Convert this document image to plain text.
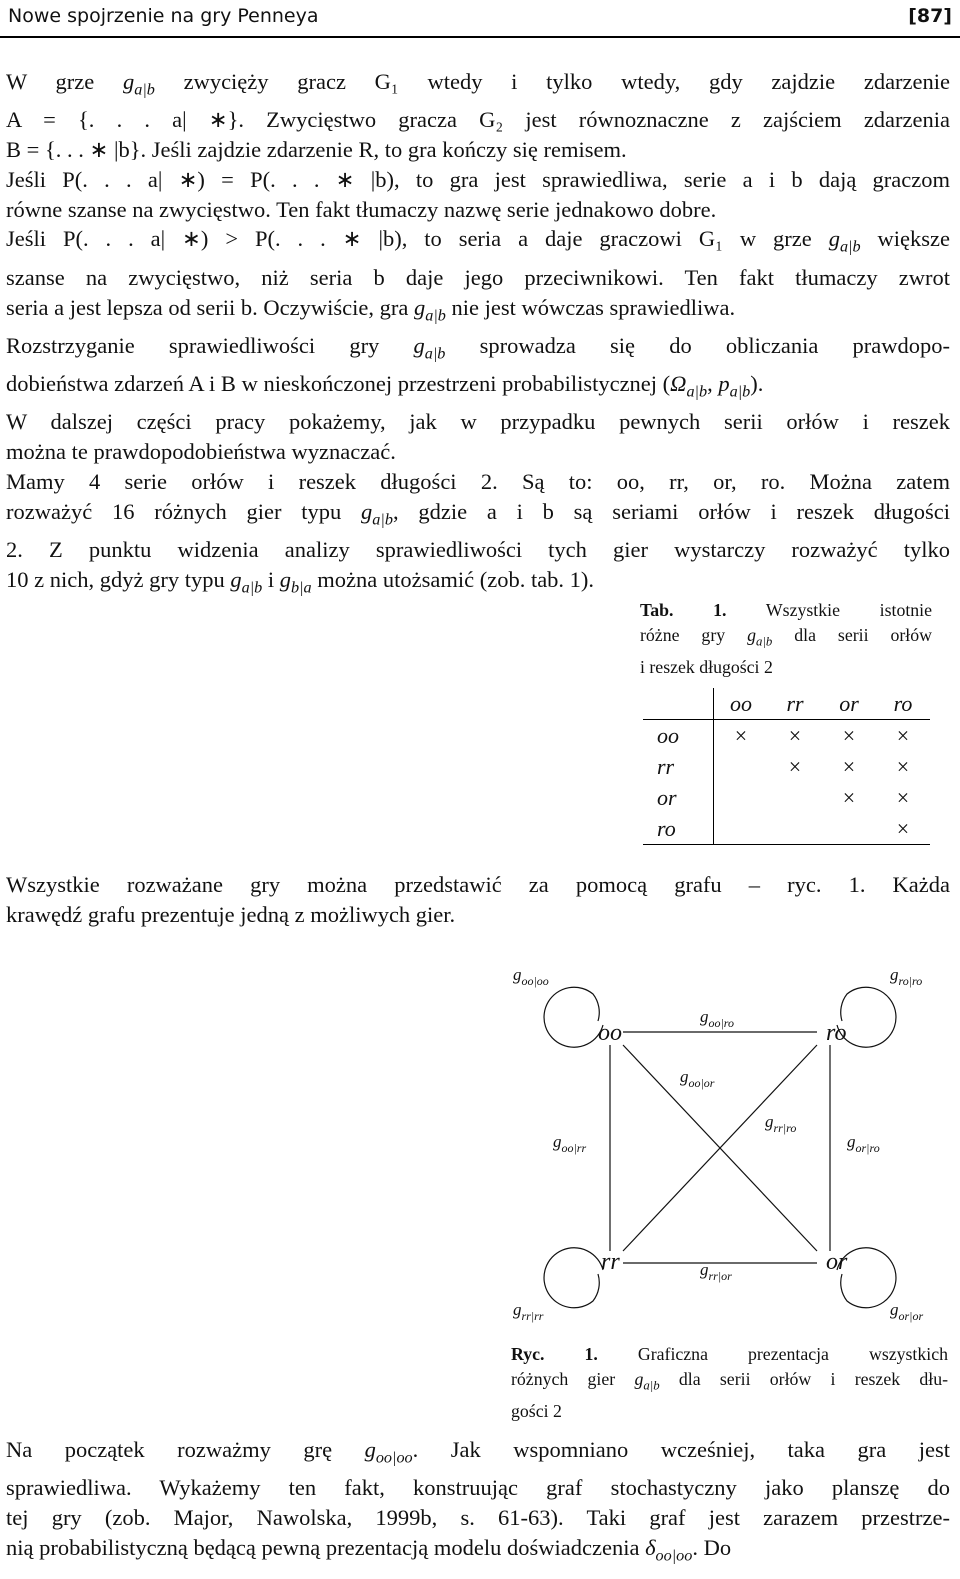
Nowe spojrzenie na gry Penneya	[87]
W grze $g_{a|b}$ zwycięży gracz G₁ wtedy i tylko wtedy, gdy zajdzie zdarzenie
A = {. . . a| ∗}. Zwycięstwo gracza G₂ jest równoznaczne z zajściem zdarzenia
B = {. . . ∗ |b}. Jeśli zajdzie zdarzenie R, to gra kończy się remisem.
Jeśli P(. . . a| ∗) = P(. . . ∗ |b), to gra jest sprawiedliwa, serie a i b dają graczom
równe szanse na zwycięstwo. Ten fakt tłumaczy nazwę serie jednakowo dobre.
Jeśli P(. . . a| ∗) > P(. . . ∗ |b), to seria a daje graczowi G₁ w grze $g_{a|b}$ większe
szanse na zwycięstwo, niż seria b daje jego przeciwnikowi. Ten fakt tłumaczy zwrot
seria a jest lepsza od serii b. Oczywiście, gra $g_{a|b}$ nie jest wówczas sprawiedliwa.
Rozstrzyganie sprawiedliwości gry $g_{a|b}$ sprowadza się do obliczania prawdopo-
dobieństwa zdarzeń A i B w nieskończonej przestrzeni probabilistycznej ($\Omega_{a|b}$, $p_{a|b}$).
W dalszej części pracy pokażemy, jak w przypadku pewnych serii orłów i reszek
można te prawdopodobieństwa wyznaczać.
Mamy 4 serie orłów i reszek długości 2. Są to: oo, rr, or, ro. Można zatem
rozważyć 16 różnych gier typu $g_{a|b}$, gdzie a i b są seriami orłów i reszek długości
2. Z punktu widzenia analizy sprawiedliwości tych gier wystarczy rozważyć tylko
10 z nich, gdyż gry typu $g_{a|b}$ i $g_{b|a}$ można utożsamić (zob. tab. 1).
Tab. 1. Wszystkie istotnie
różne gry $g_{a|b}$ dla serii orłów
i reszek długości 2
	oo	rr	or	ro
oo	×	×	×	×
rr		×	×	×
or			×	×
ro				×
Wszystkie rozważane gry można przedstawić za pomocą grafu – ryc. 1. Każda
krawędź grafu prezentuje jedną z możliwych gier.
oo	ro
rr	or
$g_{oo|oo}$	$g_{ro|ro}$
$g_{oo|ro}$
$g_{oo|or}$
$g_{rr|ro}$
$g_{oo|rr}$	$g_{or|ro}$
$g_{rr|or}$
$g_{rr|rr}$	$g_{or|or}$
Ryc. 1. Graficzna prezentacja wszystkich
różnych gier $g_{a|b}$ dla serii orłów i reszek dłu-
gości 2
Na początek rozważmy grę $g_{oo|oo}$. Jak wspomniano wcześniej, taka gra jest
sprawiedliwa. Wykażemy ten fakt, konstruując graf stochastyczny jako planszę do
tej gry (zob. Major, Nawolska, 1999b, s. 61-63). Taki graf jest zarazem przestrze-
nią probabilistyczną będącą pewną prezentacją modelu doświadczenia $\delta_{oo|oo}$. Do
